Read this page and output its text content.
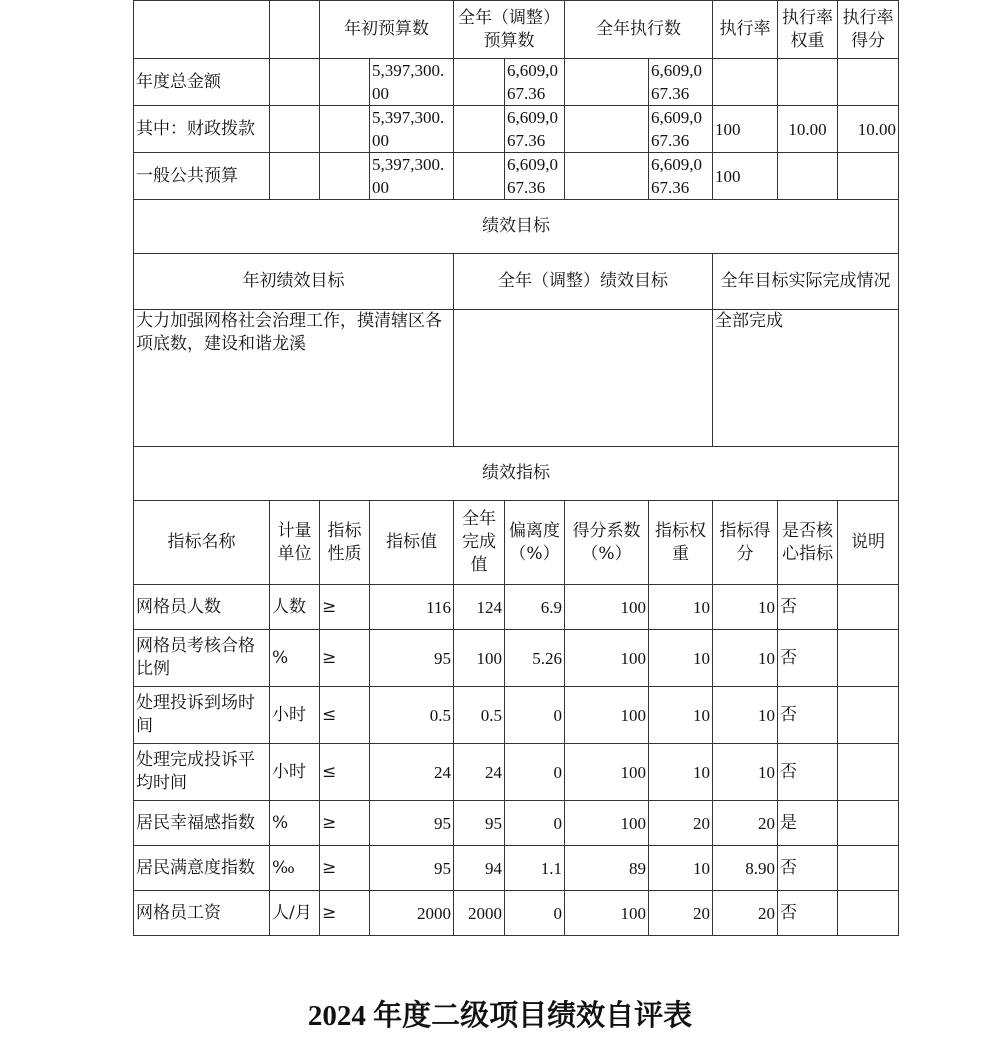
		年初预算数		全年（调整）预算数		全年执行数		执行率	执行率权重	执行率得分
年度总金额			5,397,300.00		6,609,067.36		6,609,067.36			
其中：财政拨款			5,397,300.00		6,609,067.36		6,609,067.36	100	10.00	10.00
一般公共预算			5,397,300.00		6,609,067.36		6,609,067.36	100		
绩效目标										
年初绩效目标				全年（调整）绩效目标				全年目标实际完成情况		
大力加强网格社会治理工作，摸清辖区各项底数，建设和谐龙溪								全部完成		
绩效指标										
指标名称	计量单位	指标性质	指标值	全年完成值	偏离度（%）	得分系数（%）	指标权重	指标得分	是否核心指标	说明
网格员人数	人数	≥	116	124	6.9	100	10	10	否	
网格员考核合格比例	%	≥	95	100	5.26	100	10	10	否	
处理投诉到场时间	小时	≤	0.5	0.5	0	100	10	10	否	
处理完成投诉平均时间	小时	≤	24	24	0	100	10	10	否	
居民幸福感指数	%	≥	95	95	0	100	20	20	是	
居民满意度指数	‰	≥	95	94	1.1	89	10	8.90	否	
网格员工资	人/月	≥	2000	2000	0	100	20	20	否	
2024 年度二级项目绩效自评表
